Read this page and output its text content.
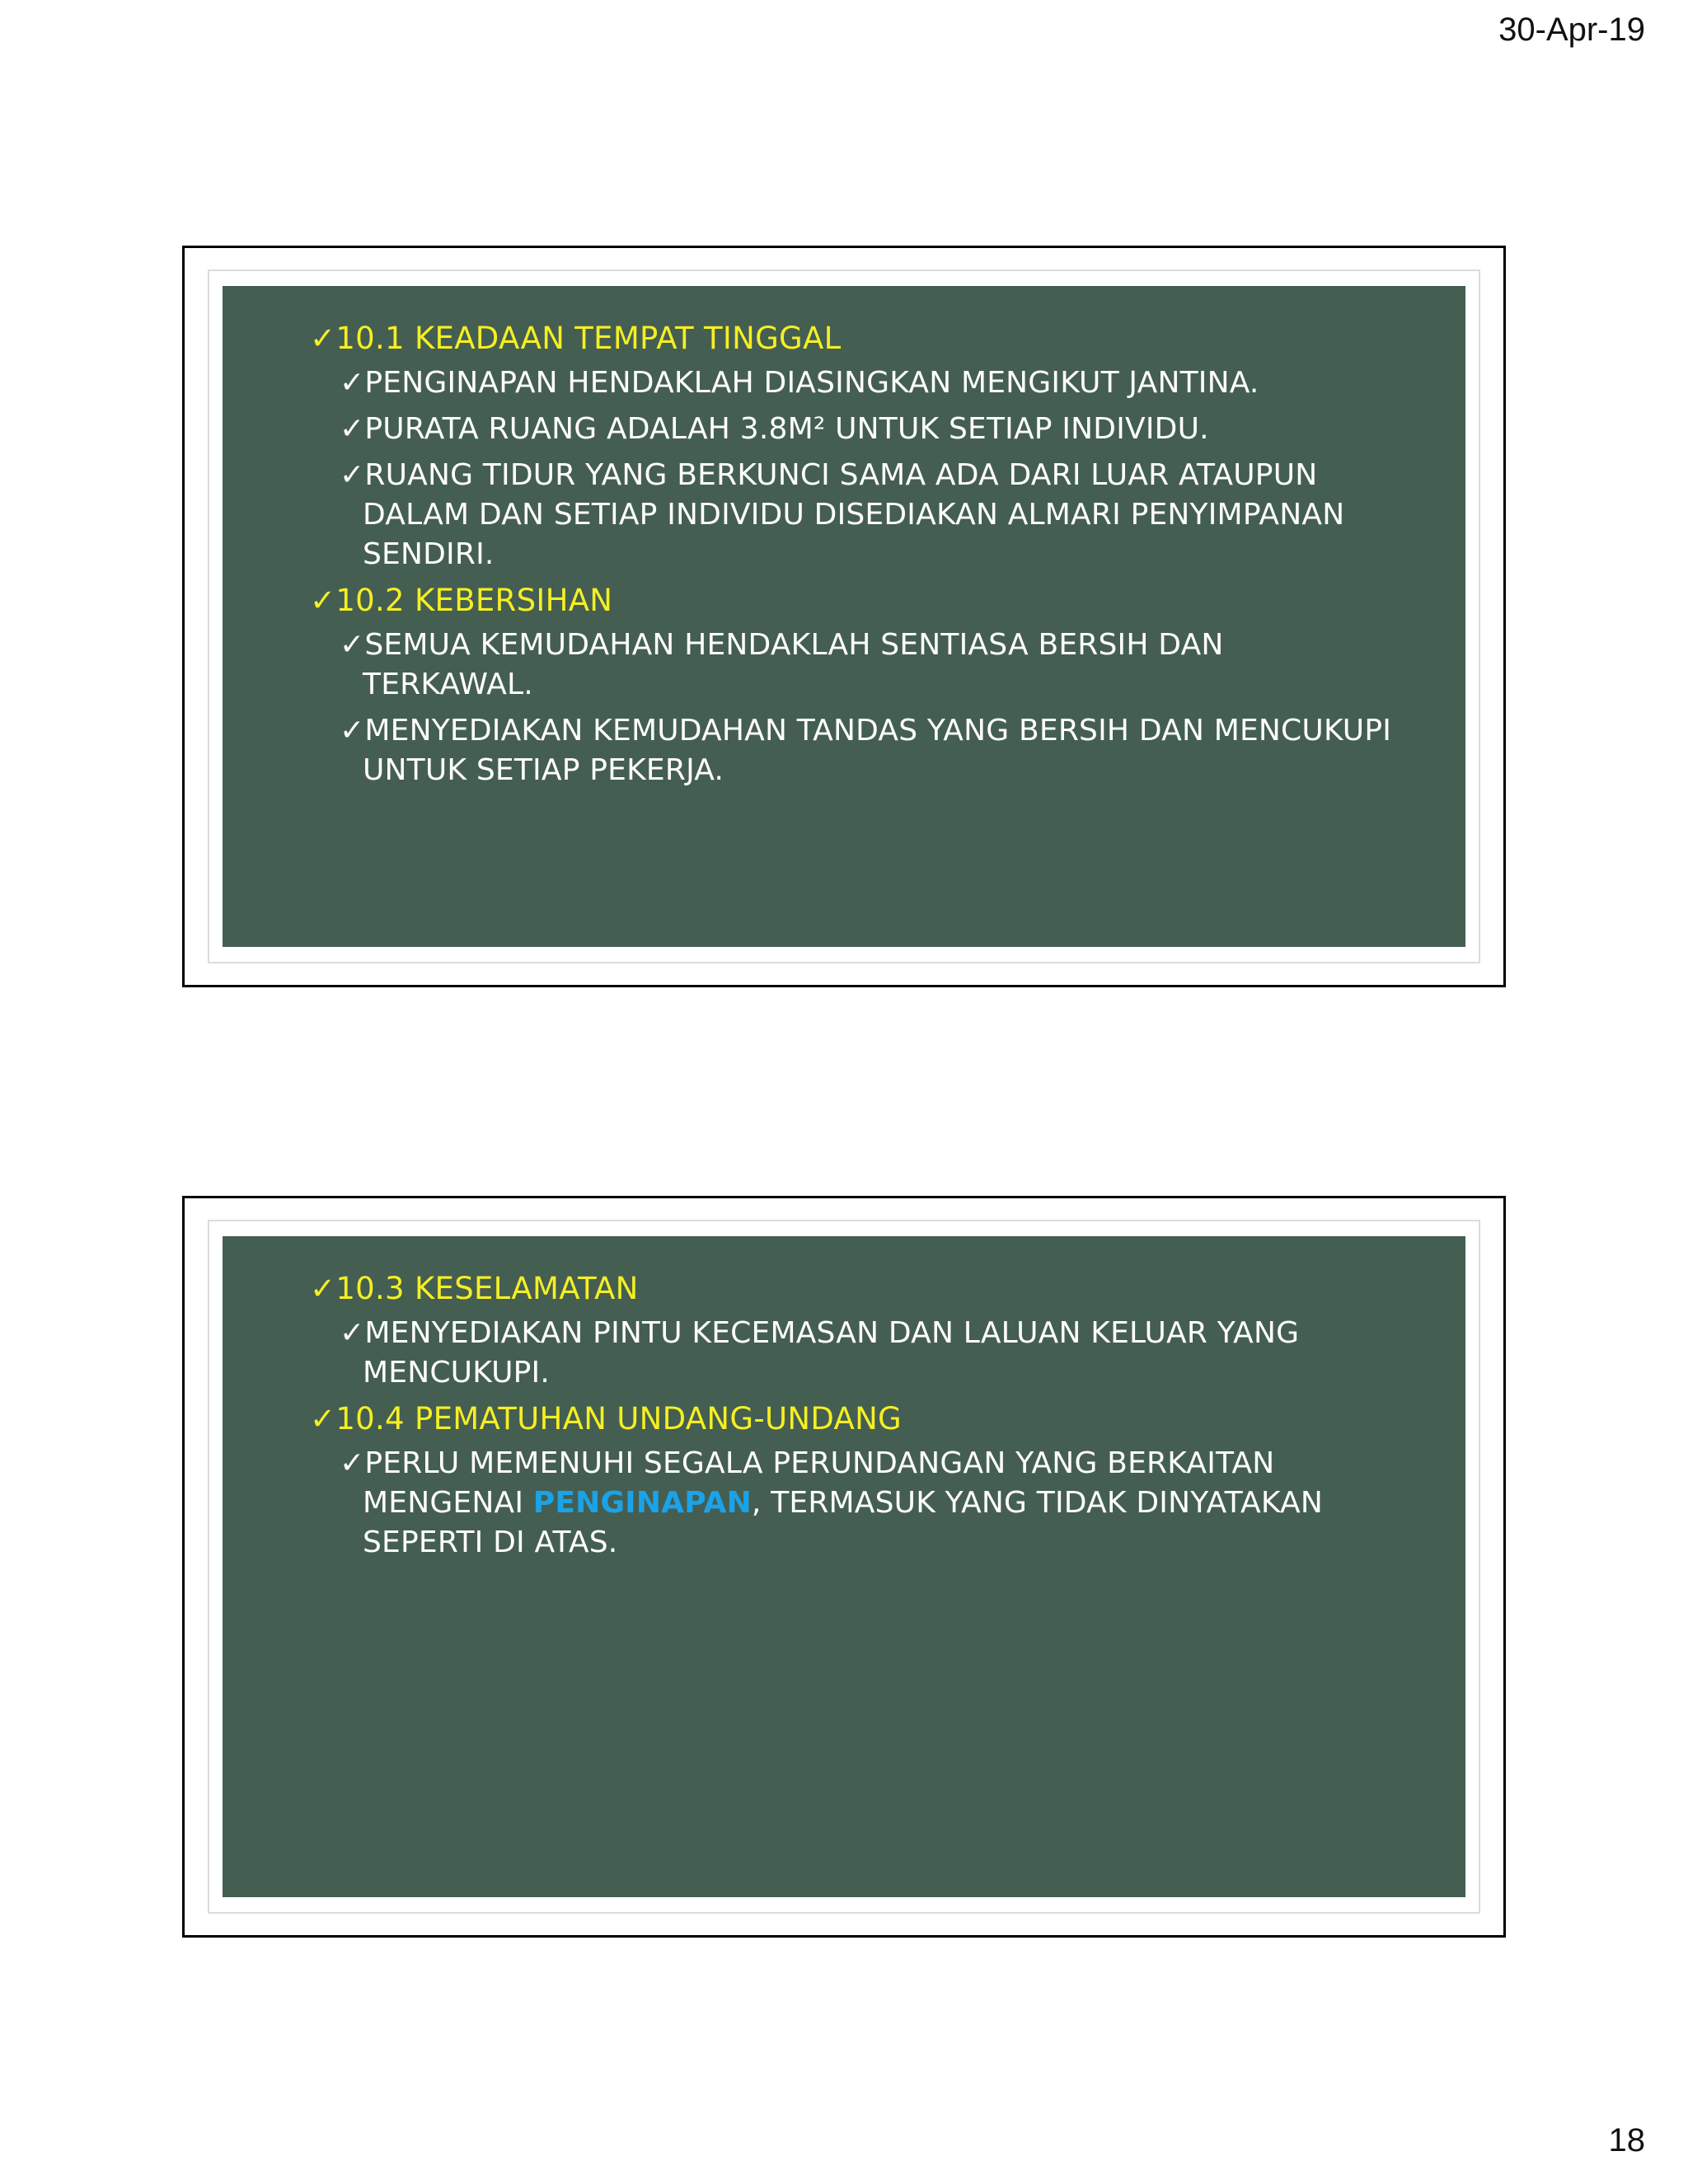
30-Apr-19
✓10.1 KEADAAN TEMPAT TINGGAL
✓PENGINAPAN HENDAKLAH DIASINGKAN MENGIKUT JANTINA.
✓PURATA RUANG ADALAH 3.8M² UNTUK SETIAP INDIVIDU.
✓RUANG TIDUR YANG BERKUNCI SAMA ADA DARI LUAR ATAUPUN DALAM DAN SETIAP INDIVIDU DISEDIAKAN ALMARI PENYIMPANAN SENDIRI.
✓10.2 KEBERSIHAN
✓SEMUA KEMUDAHAN HENDAKLAH SENTIASA BERSIH DAN TERKAWAL.
✓MENYEDIAKAN KEMUDAHAN TANDAS YANG BERSIH DAN MENCUKUPI UNTUK SETIAP PEKERJA.
✓10.3 KESELAMATAN
✓MENYEDIAKAN PINTU KECEMASAN DAN LALUAN KELUAR YANG MENCUKUPI.
✓10.4 PEMATUHAN UNDANG-UNDANG
✓PERLU MEMENUHI SEGALA PERUNDANGAN YANG BERKAITAN MENGENAI PENGINAPAN, TERMASUK YANG TIDAK DINYATAKAN SEPERTI DI ATAS.
18
